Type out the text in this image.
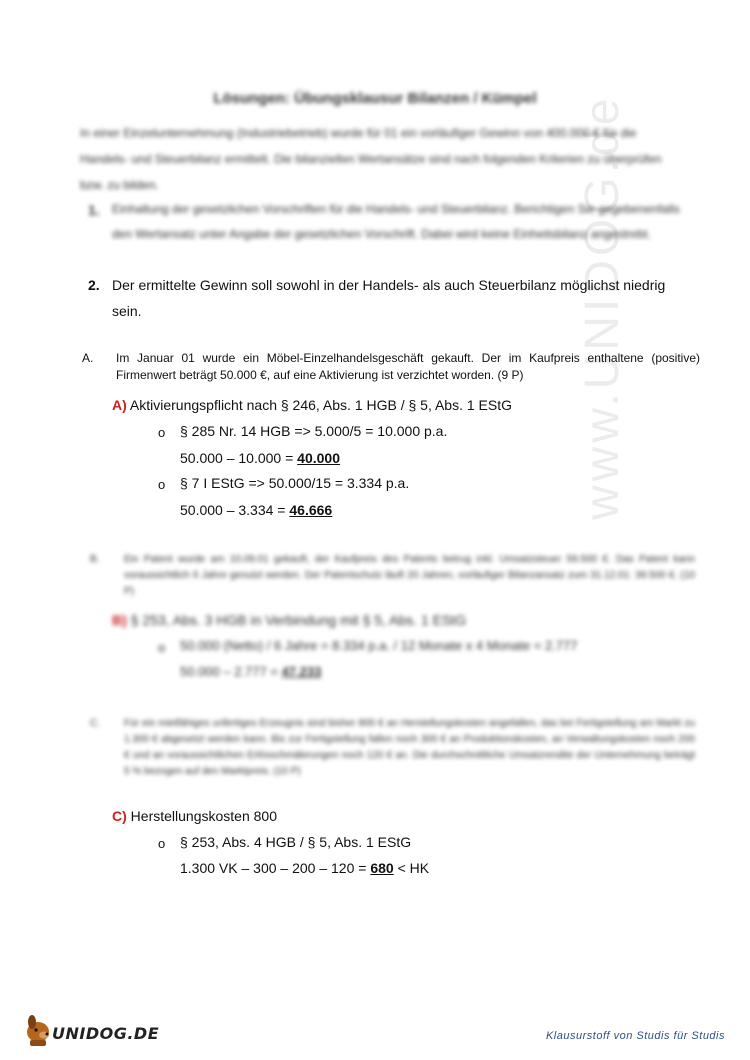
www.UNIDOG.de
Lösungen: Übungsklausur Bilanzen / Kümpel
In einer Einzelunternehmung (Industriebetrieb) wurde für 01 ein vorläufiger Gewinn von 400.000 € für die Handels- und Steuerbilanz ermittelt. Die bilanziellen Wertansätze sind nach folgenden Kriterien zu überprüfen bzw. zu bilden.
1. Einhaltung der gesetzlichen Vorschriften für die Handels- und Steuerbilanz. Berichtigen Sie gegebenenfalls den Wertansatz unter Angabe der gesetzlichen Vorschrift. Dabei wird keine Einheitsbilanz angestrebt.
2. Der ermittelte Gewinn soll sowohl in der Handels- als auch Steuerbilanz möglichst niedrig sein.
A. Im Januar 01 wurde ein Möbel-Einzelhandelsgeschäft gekauft. Der im Kaufpreis enthaltene (positive) Firmenwert beträgt 50.000 €, auf eine Aktivierung ist verzichtet worden. (9 P)
A) Aktivierungspflicht nach § 246, Abs. 1 HGB / § 5, Abs. 1 EStG
o § 285 Nr. 14 HGB => 5.000/5 = 10.000 p.a.
50.000 – 10.000 = 40.000
o § 7 I EStG => 50.000/15 = 3.334 p.a.
50.000 – 3.334 = 46.666
B. Ein Patent wurde am 10.09.01 gekauft, der Kaufpreis des Patents betrug inkl. Umsatzsteuer 59.500 €. Das Patent kann voraussichtlich 6 Jahre genutzt werden. Der Patentschutz läuft 20 Jahren, vorläufiger Bilanzansatz zum 31.12.01: 39.500 €. (10 P)
B) § 253, Abs. 3 HGB in Verbindung mit § 5, Abs. 1 EStG
o 50.000 (Netto) / 6 Jahre = 8.334 p.a. / 12 Monate x 4 Monate = 2.777
50.000 – 2.777 = 47.233
C. Für ein mietfähiges unfertiges Erzeugnis sind bisher 800 € an Herstellungskosten angefallen, das bei Fertigstellung am Markt zu 1.300 € abgesetzt werden kann. Bis zur Fertigstellung fallen noch 300 € an Produktionskosten, an Verwaltungskosten noch 200 € und an voraussichtlichen Erlösschmälerungen noch 120 € an. Die durchschnittliche Umsatzrendite der Unternehmung beträgt 5 % bezogen auf den Marktpreis. (10 P)
C) Herstellungskosten 800
o § 253, Abs. 4 HGB / § 5, Abs. 1 EStG
1.300 VK – 300 – 200 – 120 = 680 < HK
UNIDOG.DE	Klausurstoff von Studis für Studis
